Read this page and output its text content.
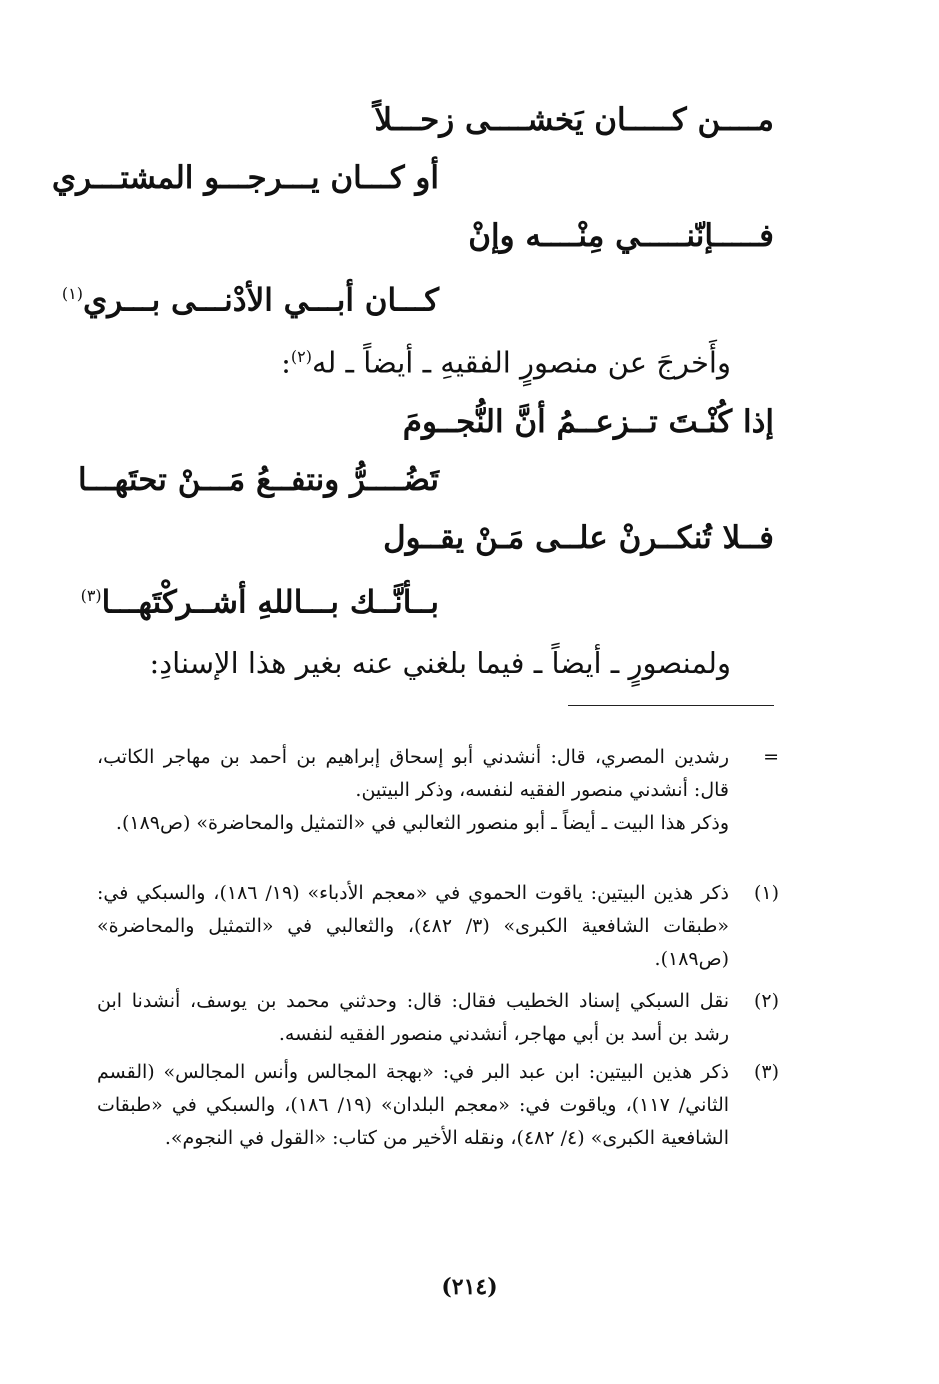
مــــن كـــــان يَخشــــى زحـــلاً
أو كـــان يـــرجـــو المشتـــري
فـــــإنّنـــــي مِنْــــه وإنْ
كـــان أبـــي الأدْنـــى بـــري$^{(١)}$
وأَخرجَ عن منصورٍ الفقيهِ ـ أيضاً ـ له$^{(٢)}$:
إذا كُنْـتَ تــزعــمُ أنَّ النُّجــومَ
تَضُــــرُّ ونتفــعُ مَـــنْ تحتَهـــا
فــلا تُنكــرنْ علــى مَـنْ يقــول
بــأنَّــك بـــاللهِ أشــركْتَهـــا$^{(٣)}$
ولمنصورٍ ـ أيضاً ـ فيما بلغني عنه بغير هذا الإسنادِ:
=

رشدين المصري، قال: أنشدني أبو إسحاق إبراهيم بن أحمد بن مهاجر الكاتب، قال: أنشدني منصور الفقيه لنفسه، وذكر البيتين.

وذكر هذا البيت ـ أيضاً ـ أبو منصور الثعالبي في «التمثيل والمحاضرة» (ص١٨٩).

(١)

ذكر هذين البيتين: ياقوت الحموي في «معجم الأدباء» (١٩/ ١٨٦)، والسبكي في: «طبقات الشافعية الكبرى» (٣/ ٤٨٢)، والثعالبي في «التمثيل والمحاضرة» (ص١٨٩).

(٢)

نقل السبكي إسناد الخطيب فقال: قال: وحدثني محمد بن يوسف، أنشدنا ابن رشد بن أسد بن أبي مهاجر، أنشدني منصور الفقيه لنفسه.

(٣)

ذكر هذين البيتين: ابن عبد البر في: «بهجة المجالس وأنس المجالس» (القسم الثاني/ ١١٧)، وياقوت في: «معجم البلدان» (١٩/ ١٨٦)، والسبكي في «طبقات الشافعية الكبرى» (٤/ ٤٨٢)، ونقله الأخير من كتاب: «القول في النجوم».

(٢١٤)
